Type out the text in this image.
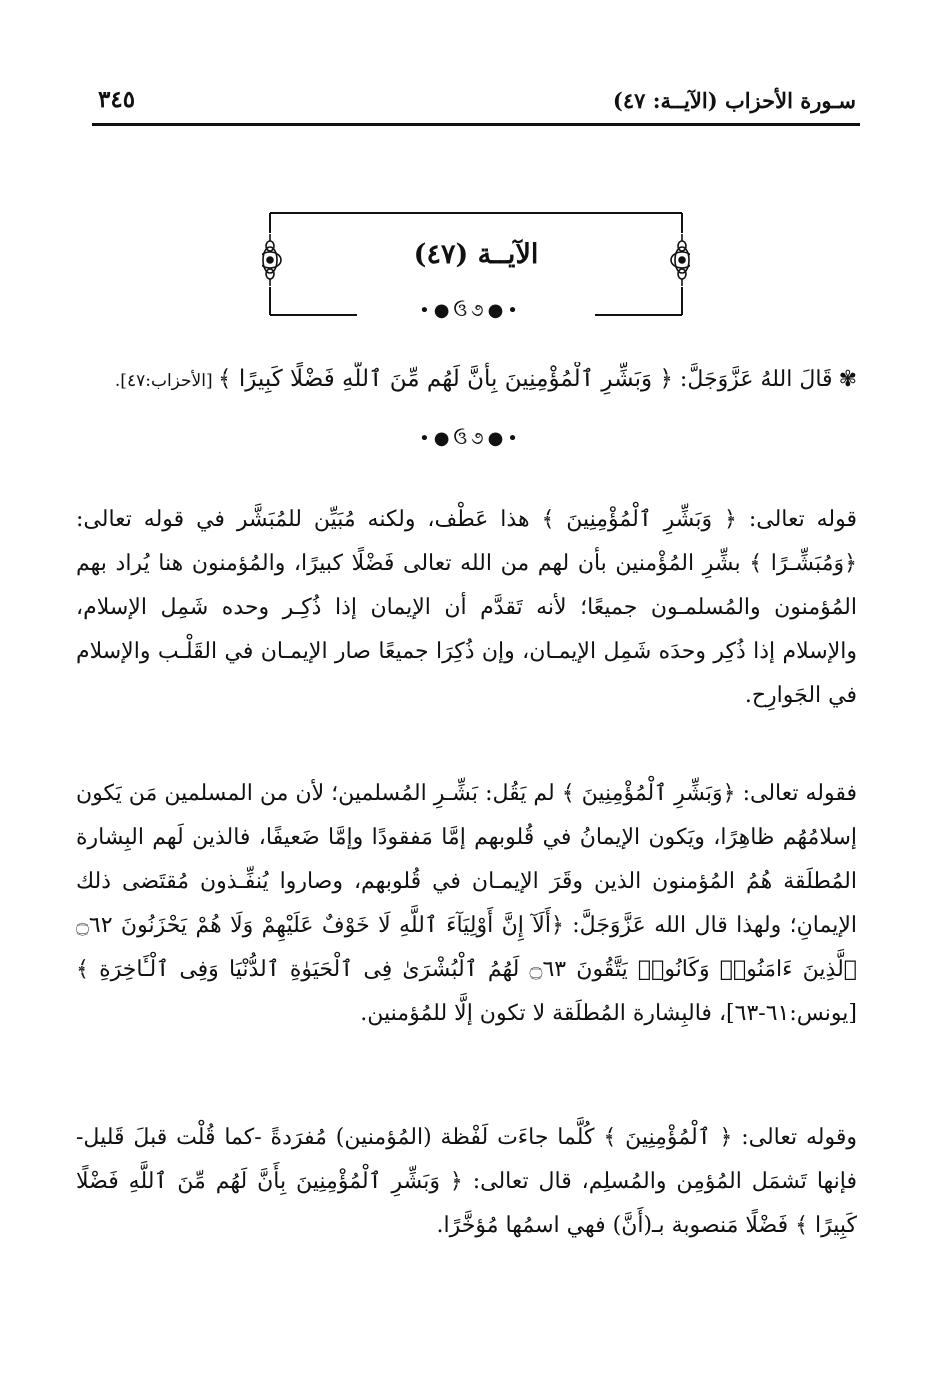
سـورة الأحزاب (الآيــة: ٤٧)
٣٤٥
الآيــة (٤٧)
•●ઉ૭●•
✾قَالَ اللهُ عَزَّوَجَلَّ: ﴿ وَبَشِّرِ ٱلْمُؤْمِنِينَ بِأَنَّ لَهُم مِّنَ ٱللَّهِ فَضْلًا كَبِيرًا ﴾ [الأحزاب:٤٧].
•●ઉ૭●•

قوله تعالى: ﴿ وَبَشِّرِ ٱلْمُؤْمِنِينَ ﴾ هذا عَطْف، ولكنه مُبَيِّن للمُبَشَّر في قوله تعالى: ﴿وَمُبَشِّـرًا ﴾ بشِّرِ المُؤْمنين بأن لهم من الله تعالى فَضْلًا كبيرًا، والمُؤمنون هنا يُراد بهم المُؤمنون والمُسلمـون جميعًا؛ لأنه تَقدَّم أن الإيمان إذا ذُكِـر وحده شَمِل الإسلام، والإسلام إذا ذُكِر وحدَه شَمِل الإيمـان، وإن ذُكِرَا جميعًا صار الإيمـان في القَلْـب والإسلام في الجَوارِح.

فقوله تعالى: ﴿وَبَشِّرِ ٱلْمُؤْمِنِينَ ﴾ لم يَقُل: بَشِّـرِ المُسلمين؛ لأن من المسلمين مَن يَكون إسلامُهُم ظاهِرًا، ويَكون الإيمانُ في قُلوبهم إمَّا مَفقودًا وإمَّا ضَعيفًا، فالذين لَهم البِشارة المُطلَقة هُمُ المُؤمنون الذين وقَرَ الإيمـان في قُلوبهم، وصاروا يُنفِّـذون مُقتَضى ذلك الإيمانِ؛ ولهذا قال الله عَزَّوَجَلَّ: ﴿أَلَآ إِنَّ أَوْلِيَآءَ ٱللَّهِ لَا خَوْفٌ عَلَيْهِمْ وَلَا هُمْ يَحْزَنُونَ ۝٦٢ ٱلَّذِينَ ءَامَنُوا۟ وَكَانُوا۟ يَتَّقُونَ ۝٦٣ لَهُمُ ٱلْبُشْرَىٰ فِى ٱلْحَيَوٰةِ ٱلدُّنْيَا وَفِى ٱلْـَٔاخِرَةِ ﴾ [يونس:٦١-٦٣]، فالبِشارة المُطلَقة لا تكون إلَّا للمُؤمنين.

وقوله تعالى: ﴿ ٱلْمُؤْمِنِينَ ﴾ كُلَّما جاءَت لَفْظة (المُؤمنين) مُفرَدةً -كما قُلْت قبلَ قَليل- فإنها تَشمَل المُؤمِن والمُسلِم، قال تعالى: ﴿ وَبَشِّرِ ٱلْمُؤْمِنِينَ بِأَنَّ لَهُم مِّنَ ٱللَّهِ فَضْلًا كَبِيرًا ﴾ فَضْلًا مَنصوبة بـ(أَنَّ) فهي اسمُها مُؤخَّرًا.
